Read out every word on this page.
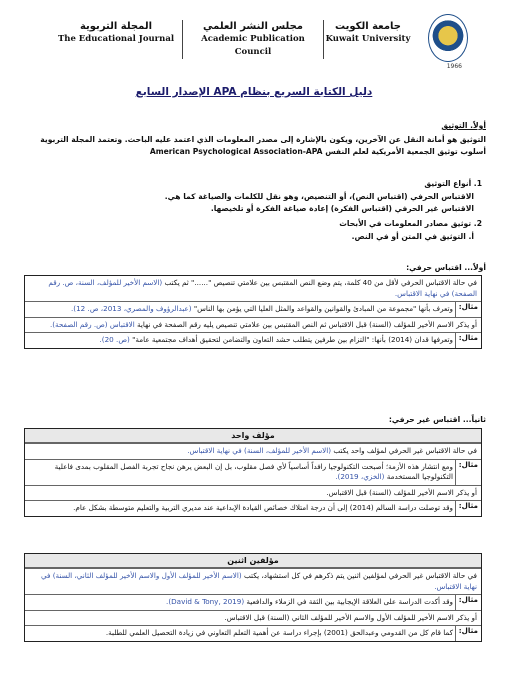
المجلة التربوية
The Educational Journal
مجلس النشر العلمي
Academic Publication Council
جامعة الكويت
Kuwait University
1966
دليل الكتابة السريع بنظام APA الإصدار السابع
أولاً. التوثيق
التوثيق هو أمانة النقل عن الآخرين، ويكون بالإشارة إلى مصدر المعلومات الذي اعتمد عليه الباحث. وتعتمد المجلة التربوية
أسلوب توثيق الجمعية الأمريكية لعلم النفس American Psychological Association-APA
1. أنواع التوثيق
الاقتباس الحرفي (اقتباس النص)، أو التنصيص، وهو نقل للكلمات والصياغة كما هي.
الاقتباس غير الحرفي (اقتباس الفكرة) إعادة صياغة الفكرة أو تلخيصها.
2. توثيق مصادر المعلومات في الأبحاث
أ. التوثيق في المتن أو في النص.
أولاً... اقتباس حرفي:
في حالة الاقتباس الحرفي لأقل من 40 كلمة، يتم وضع النص المقتبس بين علامتي تنصيص "......" ثم يكتب (الاسم الأخير للمؤلف، السنة، ص. رقم الصفحة) في نهاية الاقتباس.
مثال:
وتعرف بأنها "مجموعة من المبادئ والقوانين والقواعد والمثل العليا التي يؤمن بها الناس" (عبدالرؤوف والمصري، 2013، ص. 12).
أو يذكر الاسم الأخير للمؤلف (السنة) قبل الاقتباس ثم النص المقتبس بين علامتي تنصيص يليه رقم الصفحة في نهاية الاقتباس (ص. رقم الصفحة).
مثال:
وتعرفها قدان (2014) بأنها: "التزام بين طرفين يتطلب حشد التعاون والتضامن لتحقيق أهداف مجتمعية عامة" (ص. 20).
ثانياً... اقتباس غير حرفي:
مؤلف واحد
في حالة الاقتباس غير الحرفي لمؤلف واحد يكتب (الاسم الأخير للمؤلف، السنة) في نهاية الاقتباس.
مثال:
ومع انتشار هذه الأزمة؛ أصبحت التكنولوجيا رافداً أساسياً لأي فصل مقلوب، بل إن البعض يرهن نجاح تجربة الفصل المقلوب بمدى فاعلية التكنولوجيا المستخدمة (الخزي، 2019).
أو يذكر الاسم الأخير للمؤلف (السنة) قبل الاقتباس.
مثال:
وقد توصلت دراسة السالم (2014) إلى أن درجة امتلاك خصائص القيادة الإبداعية عند مديري التربية والتعليم متوسطة بشكل عام.
مؤلفين اثنين
في حالة الاقتباس غير الحرفي لمؤلفين اثنين يتم ذكرهم في كل استشهاد، يكتب (الاسم الأخير للمؤلف الأول والاسم الأخير للمؤلف الثاني، السنة) في نهاية الاقتباس.
مثال:
وقد أكدت الدراسة على العلاقة الإيجابية بين الثقة في الزملاء والدافعية (David & Tony, 2019).
أو يذكر الاسم الأخير للمؤلف الأول والاسم الأخير للمؤلف الثاني (السنة) قبل الاقتباس.
مثال:
كما قام كل من القدومي وعبدالحق (2001) بإجراء دراسة عن أهمية التعلم التعاوني في زيادة التحصيل العلمي للطلبة.
